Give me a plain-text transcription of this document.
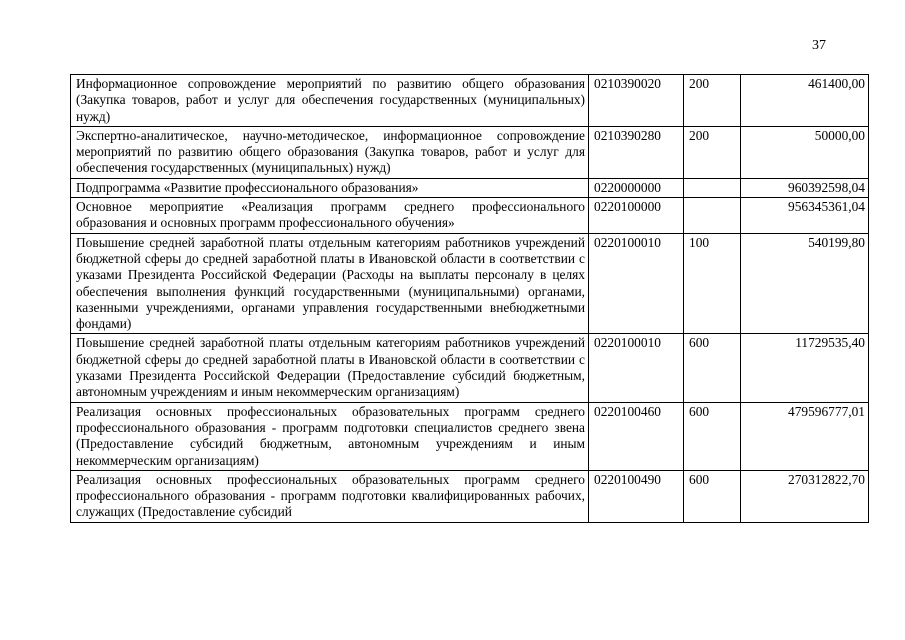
37
Информационное сопровождение мероприятий по развитию общего образования (Закупка товаров, работ и услуг для обеспечения государственных (муниципальных) нужд)	0210390020	200	461400,00
Экспертно-аналитическое, научно-методическое, информационное сопровождение мероприятий по развитию общего образования (Закупка товаров, работ и услуг для обеспечения государственных (муниципальных) нужд)	0210390280	200	50000,00
Подпрограмма «Развитие профессионального образования»	0220000000		960392598,04
Основное мероприятие «Реализация программ среднего профессионального образования и основных программ профессионального обучения»	0220100000		956345361,04
Повышение средней заработной платы отдельным категориям работников учреждений бюджетной сферы до средней заработной платы в Ивановской области в соответствии с указами Президента Российской Федерации (Расходы на выплаты персоналу в целях обеспечения выполнения функций государственными (муниципальными) органами, казенными учреждениями, органами управления государственными внебюджетными фондами)	0220100010	100	540199,80
Повышение средней заработной платы отдельным категориям работников учреждений бюджетной сферы до средней заработной платы в Ивановской области в соответствии с указами Президента Российской Федерации (Предоставление субсидий бюджетным, автономным учреждениям и иным некоммерческим организациям)	0220100010	600	11729535,40
Реализация основных профессиональных образовательных программ среднего профессионального образования - программ подготовки специалистов среднего звена (Предоставление субсидий бюджетным, автономным учреждениям и иным некоммерческим организациям)	0220100460	600	479596777,01
Реализация основных профессиональных образовательных программ среднего профессионального образования - программ подготовки квалифицированных рабочих, служащих (Предоставление субсидий	0220100490	600	270312822,70
